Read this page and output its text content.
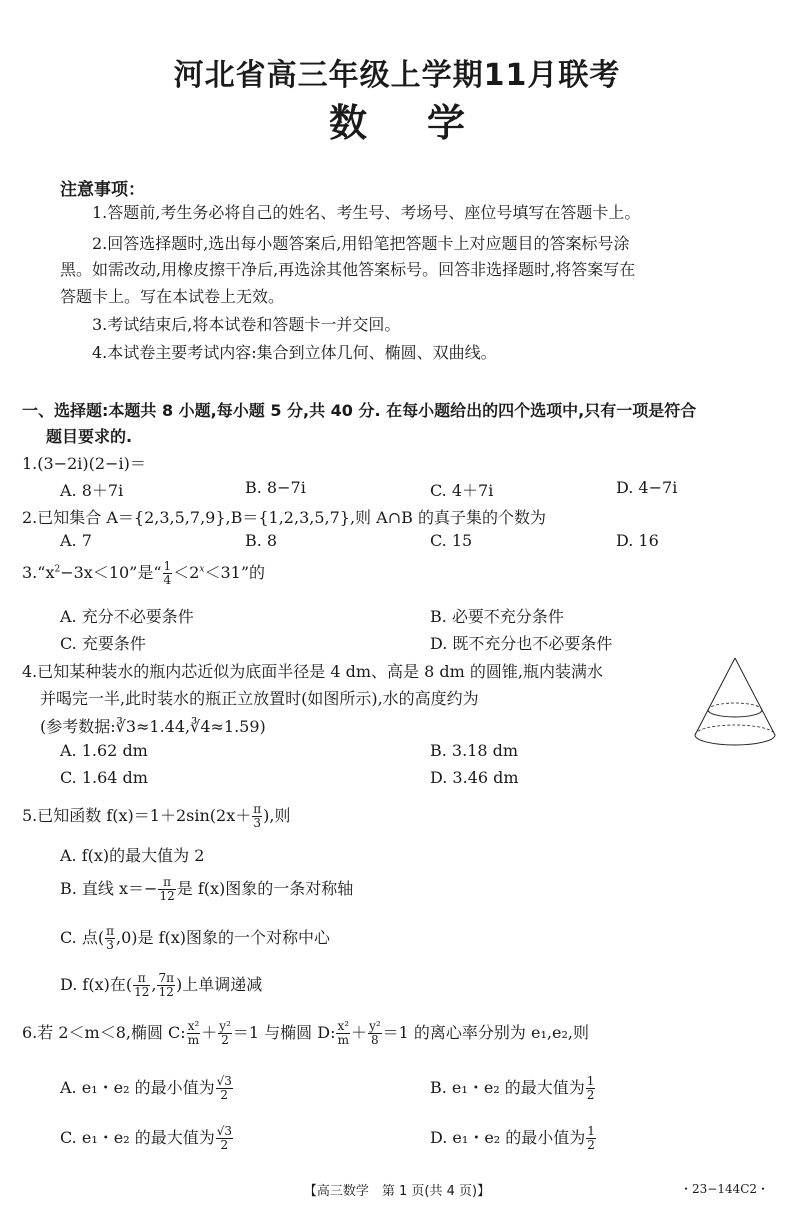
河北省高三年级上学期11月联考
数学
注意事项：
1.答题前,考生务必将自己的姓名、考生号、考场号、座位号填写在答题卡上。
2.回答选择题时,选出每小题答案后,用铅笔把答题卡上对应题目的答案标号涂
黑。如需改动,用橡皮擦干净后,再选涂其他答案标号。回答非选择题时,将答案写在
答题卡上。写在本试卷上无效。
3.考试结束后,将本试卷和答题卡一并交回。
4.本试卷主要考试内容:集合到立体几何、椭圆、双曲线。
一、选择题:本题共 8 小题,每小题 5 分,共 40 分. 在每小题给出的四个选项中,只有一项是符合
题目要求的.
1.(3−2i)(2−i)＝
A. 8＋7i	B. 8−7i	C. 4＋7i	D. 4−7i
2.已知集合 A＝{2,3,5,7,9},B＝{1,2,3,5,7},则 A∩B 的真子集的个数为
A. 7	B. 8	C. 15	D. 16
$3.“x^2-3x<10$”是“ $\frac{1}{4} <2^x<31$”的
A. 充分不必要条件	B. 必要不充分条件
C. 充要条件	D. 既不充分也不必要条件
4.已知某种装水的瓶内芯近似为底面半径是 4 dm、高是 8 dm 的圆锥,瓶内装满水
并喝完一半,此时装水的瓶正立放置时(如图所示),水的高度约为
(参考数据:∛3≈1.44,∛4≈1.59)
A. 1.62 dm	B. 3.18 dm
C. 1.64 dm	D. 3.46 dm
5.已知函数 $f(x)=1+2\sin(2x+ \frac{\pi}{3}$ ),则
A. f(x)的最大值为 2
B. 直线 $x=- \frac{\pi}{12}$ 是 f(x)图象的一条对称轴
C. 点( $\frac{\pi}{3} ,0$)是 f(x)图象的一个对称中心
D. f(x)在( $\frac{\pi}{12}$ , $\frac{7\pi}{12}$ )上单调递减
6.若 2＜m＜8,椭圆 C: $\frac{\text{x²}}{m} + \frac{\text{y²}}{2} =1$ 与椭圆 D: $\frac{\text{x²}}{m} + \frac{\text{y²}}{8} =1$ 的离心率分别为 e₁,e₂,则
A. e₁・e₂ 的最小值为 $\frac{√3}{2}$	B. e₁・e₂ 的最大值为 $\frac{1}{2}$
C. e₁・e₂ 的最大值为 $\frac{√3}{2}$	D. e₁・e₂ 的最小值为 $\frac{1}{2}$
【高三数学　第 1 页(共 4 页)】	・23−144C2・
